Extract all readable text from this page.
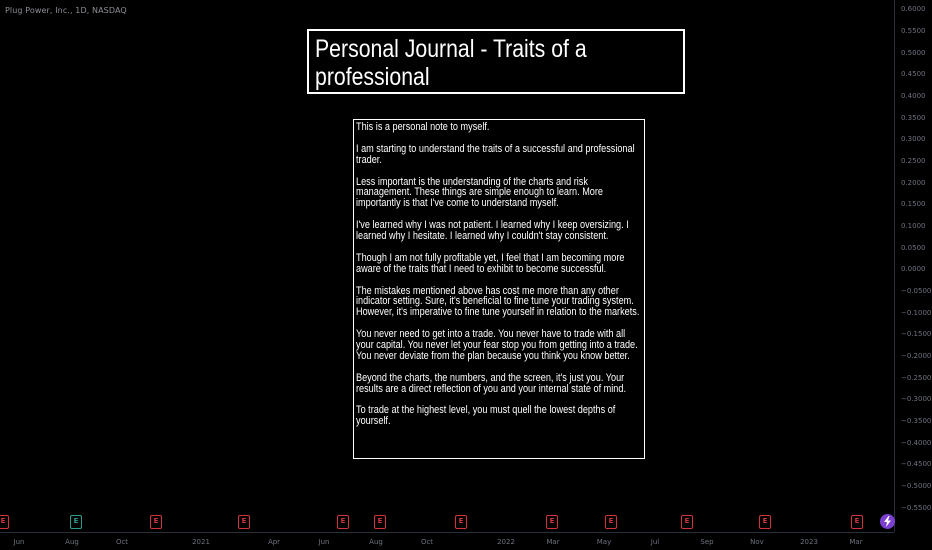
Plug Power, Inc., 1D, NASDAQ	0.6000
0.5500
0.5000
0.4500
0.4000
0.3500
0.3000
0.2500
0.2000
0.1500
0.1000
0.0500
0.0000
−0.0500
−0.1000
−0.1500
−0.2000
−0.2500
−0.3000
−0.3500
−0.4000
−0.4500
−0.5000
−0.5500
E	E	E	E	E	E	E	E	E	E	E	E
Jun	Aug	Oct	2021	Apr	Jun	Aug	Oct	2022	Mar	May	Jul	Sep	Nov	2023	Mar
Personal Journal - Traits of a professional

This is a personal note to myself.

I am starting to understand the traits of a successful and professional trader.

Less important is the understanding of the charts and risk management. These things are simple enough to learn. More importantly is that I've come to understand myself.

I've learned why I was not patient. I learned why I keep oversizing. I learned why I hesitate. I learned why I couldn't stay consistent.

Though I am not fully profitable yet, I feel that I am becoming more aware of the traits that I need to exhibit to become successful.

The mistakes mentioned above has cost me more than any other indicator setting. Sure, it's beneficial to fine tune your trading system. However, it's imperative to fine tune yourself in relation to the markets.

You never need to get into a trade. You never have to trade with all your capital. You never let your fear stop you from getting into a trade. You never deviate from the plan because you think you know better.

Beyond the charts, the numbers, and the screen, it's just you. Your results are a direct reflection of you and your internal state of mind.

To trade at the highest level, you must quell the lowest depths of yourself.
